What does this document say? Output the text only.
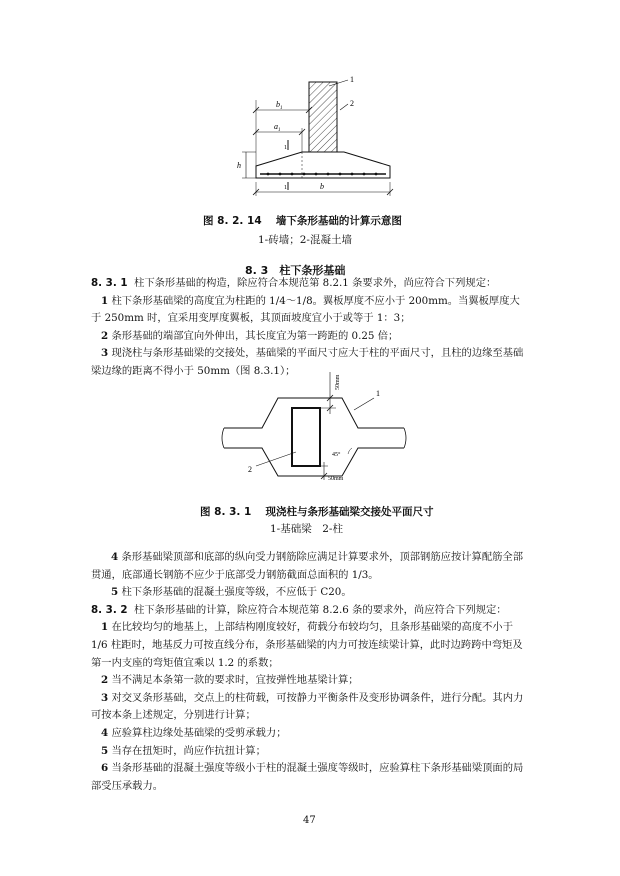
1
2
$b_1$
$a_1$
1
1
h
b
图 8. 2. 14　 墙下条形基础的计算示意图
1-砖墙；2-混凝土墙
8. 3　柱下条形基础
8. 3. 1 柱下条形基础的构造，除应符合本规范第 8.2.1 条要求外，尚应符合下列规定：
1 柱下条形基础梁的高度宜为柱距的 1/4～1/8。翼板厚度不应小于 200mm。当翼板厚度大于 250mm 时，宜采用变厚度翼板，其顶面坡度宜小于或等于 1：3；
2 条形基础的端部宜向外伸出，其长度宜为第一跨距的 0.25 倍；
3 现浇柱与条形基础梁的交接处，基础梁的平面尺寸应大于柱的平面尺寸，且柱的边缘至基础梁边缘的距离不得小于 50mm（图 8.3.1）；
50mm
50mm
45°
1
2
图 8. 3. 1　 现浇柱与条形基础梁交接处平面尺寸
1-基础梁　2-柱
4 条形基础梁顶部和底部的纵向受力钢筋除应满足计算要求外，顶部钢筋应按计算配筋全部贯通，底部通长钢筋不应少于底部受力钢筋截面总面积的 1/3。
5 柱下条形基础的混凝土强度等级，不应低于 C20。
8. 3. 2 柱下条形基础的计算，除应符合本规范第 8.2.6 条的要求外，尚应符合下列规定：
1 在比较均匀的地基上，上部结构刚度较好，荷载分布较均匀，且条形基础梁的高度不小于 1/6 柱距时，地基反力可按直线分布，条形基础梁的内力可按连续梁计算，此时边跨跨中弯矩及第一内支座的弯矩值宜乘以 1.2 的系数；
2 当不满足本条第一款的要求时，宜按弹性地基梁计算；
3 对交叉条形基础，交点上的柱荷载，可按静力平衡条件及变形协调条件，进行分配。其内力可按本条上述规定，分别进行计算；
4 应验算柱边缘处基础梁的受剪承载力；
5 当存在扭矩时，尚应作抗扭计算；
6 当条形基础的混凝土强度等级小于柱的混凝土强度等级时，应验算柱下条形基础梁顶面的局部受压承载力。
47
